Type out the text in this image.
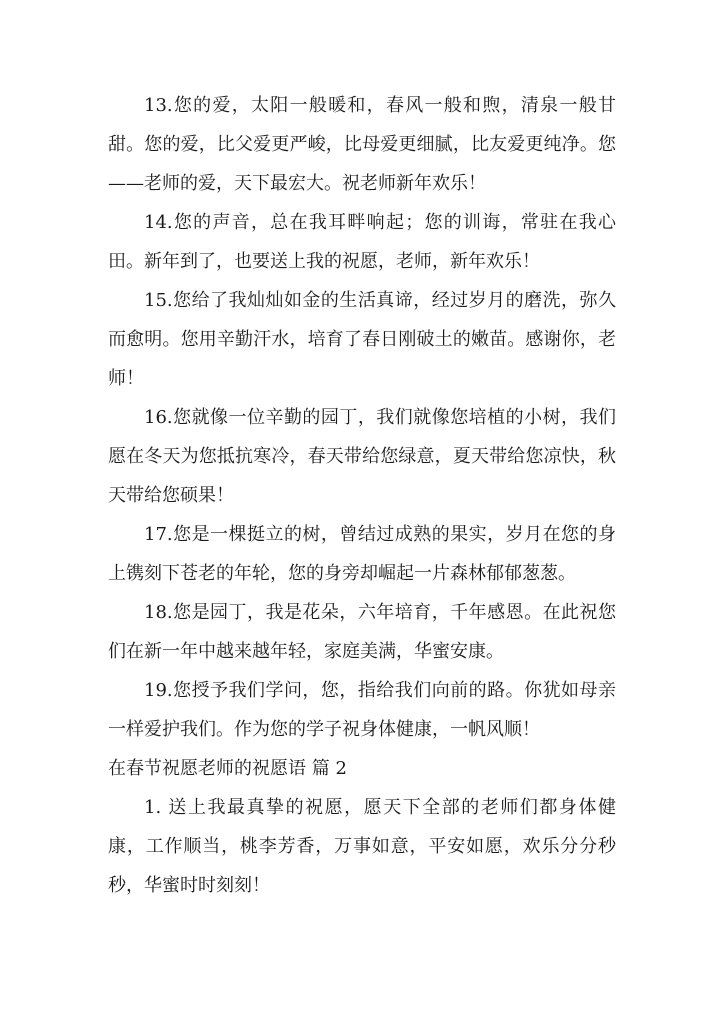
13.您的爱，太阳一般暖和，春风一般和煦，清泉一般甘甜。您的爱，比父爱更严峻，比母爱更细腻，比友爱更纯净。您——老师的爱，天下最宏大。祝老师新年欢乐！

14.您的声音，总在我耳畔响起；您的训诲，常驻在我心田。新年到了，也要送上我的祝愿，老师，新年欢乐！

15.您给了我灿灿如金的生活真谛，经过岁月的磨洗，弥久而愈明。您用辛勤汗水，培育了春日刚破土的嫩苗。感谢你，老师！

16.您就像一位辛勤的园丁，我们就像您培植的小树，我们愿在冬天为您抵抗寒冷，春天带给您绿意，夏天带给您凉快，秋天带给您硕果！

17.您是一棵挺立的树，曾结过成熟的果实，岁月在您的身上镌刻下苍老的年轮，您的身旁却崛起一片森林郁郁葱葱。

18.您是园丁，我是花朵，六年培育，千年感恩。在此祝您们在新一年中越来越年轻，家庭美满，华蜜安康。

19.您授予我们学问，您，指给我们向前的路。你犹如母亲一样爱护我们。作为您的学子祝身体健康，一帆风顺！

在春节祝愿老师的祝愿语 篇 2

1. 送上我最真挚的祝愿，愿天下全部的老师们都身体健康，工作顺当，桃李芳香，万事如意，平安如愿，欢乐分分秒秒，华蜜时时刻刻！
